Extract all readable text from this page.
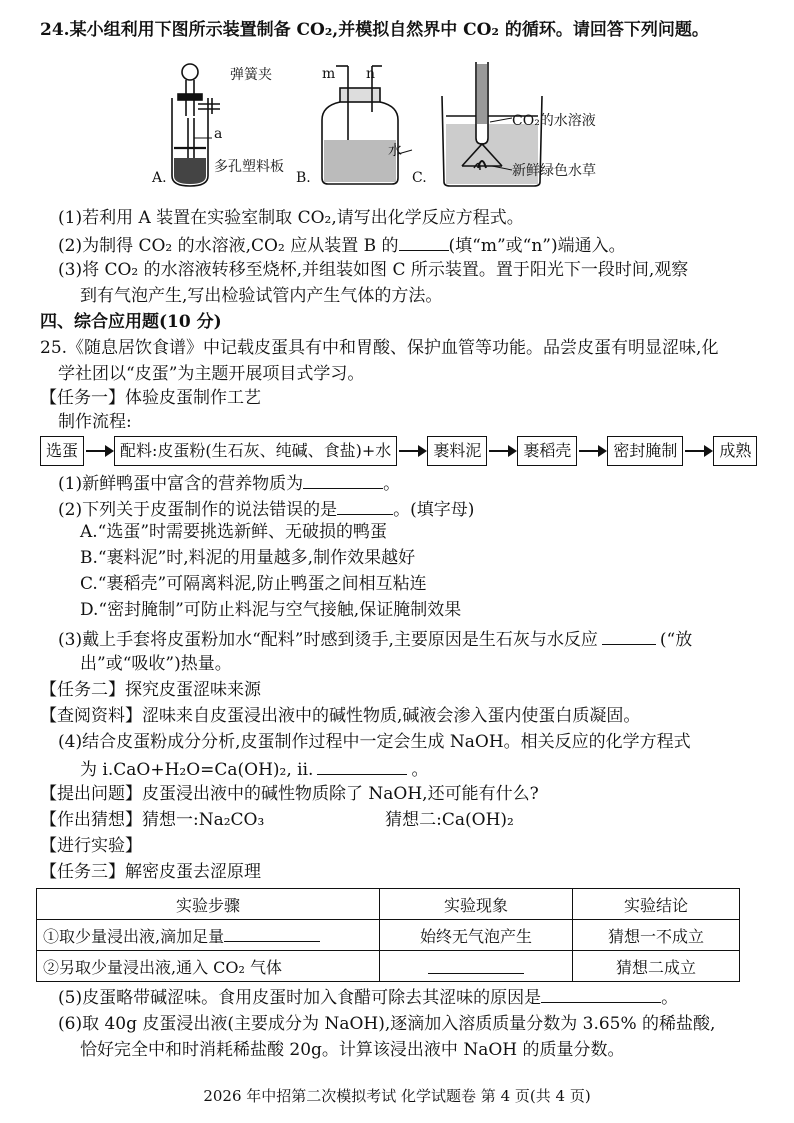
24.某小组利用下图所示装置制备 CO₂,并模拟自然界中 CO₂ 的循环。请回答下列问题。
弹簧夹
a
多孔塑料板
A.
m n
水
B.
CO₂的水溶液
新鲜绿色水草
C.
(1)若利用 A 装置在实验室制取 CO₂,请写出化学反应方程式。
(2)为制得 CO₂ 的水溶液,CO₂ 应从装置 B 的	(填“m”或“n”)端通入。
(3)将 CO₂ 的水溶液转移至烧杯,并组装如图 C 所示装置。置于阳光下一段时间,观察
到有气泡产生,写出检验试管内产生气体的方法。
四、综合应用题(10 分)
25.《随息居饮食谱》中记载皮蛋具有中和胃酸、保护血管等功能。品尝皮蛋有明显涩味,化
学社团以“皮蛋”为主题开展项目式学习。
【任务一】体验皮蛋制作工艺
制作流程:
选蛋	配料:皮蛋粉(生石灰、纯碱、食盐)+水	裹料泥	裹稻壳	密封腌制	成熟
(1)新鲜鸭蛋中富含的营养物质为	。
(2)下列关于皮蛋制作的说法错误的是	。(填字母)
A.“选蛋”时需要挑选新鲜、无破损的鸭蛋
B.“裹料泥”时,料泥的用量越多,制作效果越好
C.“裹稻壳”可隔离料泥,防止鸭蛋之间相互粘连
D.“密封腌制”可防止料泥与空气接触,保证腌制效果
(3)戴上手套将皮蛋粉加水“配料”时感到烫手,主要原因是生石灰与水反应	(“放
出”或“吸收”)热量。
【任务二】探究皮蛋涩味来源
【查阅资料】涩味来自皮蛋浸出液中的碱性物质,碱液会渗入蛋内使蛋白质凝固。
(4)结合皮蛋粉成分分析,皮蛋制作过程中一定会生成 NaOH。相关反应的化学方程式
为 ⅰ.CaO+H₂O=Ca(OH)₂, ⅱ.	。
【提出问题】皮蛋浸出液中的碱性物质除了 NaOH,还可能有什么?
【作出猜想】猜想一:Na₂CO₃	猜想二:Ca(OH)₂
【进行实验】
【任务三】解密皮蛋去涩原理
实验步骤	实验现象	实验结论
①取少量浸出液,滴加足量	始终无气泡产生	猜想一不成立
②另取少量浸出液,通入 CO₂ 气体		猜想二成立
(5)皮蛋略带碱涩味。食用皮蛋时加入食醋可除去其涩味的原因是	。
(6)取 40g 皮蛋浸出液(主要成分为 NaOH),逐滴加入溶质质量分数为 3.65% 的稀盐酸,
恰好完全中和时消耗稀盐酸 20g。计算该浸出液中 NaOH 的质量分数。
2026 年中招第二次模拟考试 化学试题卷 第 4 页(共 4 页)
